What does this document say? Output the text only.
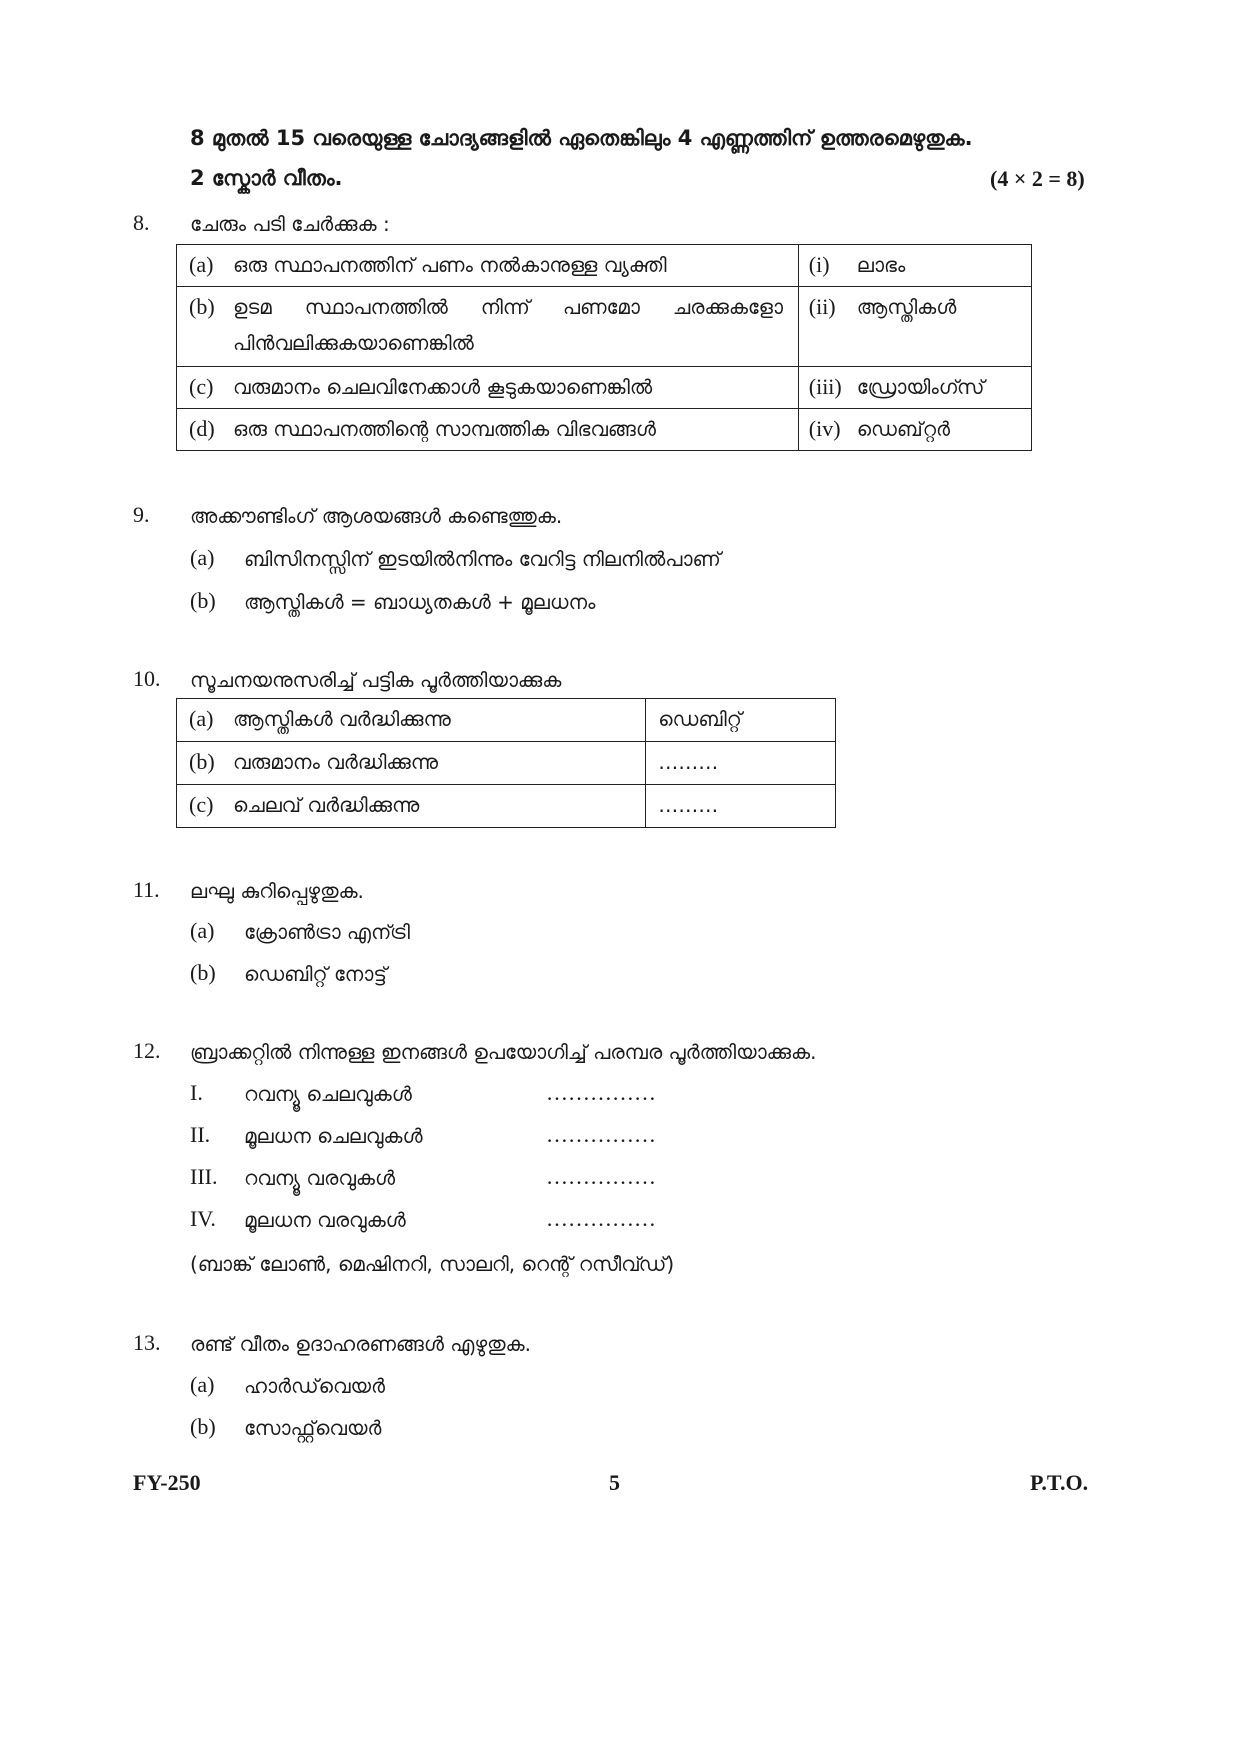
8 മുതൽ 15 വരെയുള്ള ചോദ്യങ്ങളിൽ ഏതെങ്കിലും 4 എണ്ണത്തിന് ഉത്തരമെഴുതുക.
2 സ്കോർ വീതം.	(4 × 2 = 8)
8. ചേരും പടി ചേർക്കുക :
(a) ഒരു സ്ഥാപനത്തിന് പണം നൽകാനുള്ള വ്യക്തി	(i) ലാഭം

(b) ഉടമ സ്ഥാപനത്തിൽ നിന്ന് പണമോ ചരക്കുകളോ പിൻവലിക്കുകയാണെങ്കിൽ	(ii) ആസ്തികൾ

(c) വരുമാനം ചെലവിനേക്കാൾ കൂടുകയാണെങ്കിൽ	(iii) ഡ്രോയിംഗ്സ്

(d) ഒരു സ്ഥാപനത്തിന്റെ സാമ്പത്തിക വിഭവങ്ങൾ	(iv) ഡെബ്റ്റർ
9. അക്കൗണ്ടിംഗ് ആശയങ്ങൾ കണ്ടെത്തുക.
(a) ബിസിനസ്സിന് ഇടയിൽനിന്നും വേറിട്ട നിലനിൽപാണ്
(b) ആസ്തികൾ = ബാധ്യതകൾ + മൂലധനം
10. സൂചനയനുസരിച്ച് പട്ടിക പൂർത്തിയാക്കുക
(a) ആസ്തികൾ വർദ്ധിക്കുന്നു	ഡെബിറ്റ്

(b) വരുമാനം വർദ്ധിക്കുന്നു	………

(c) ചെലവ് വർദ്ധിക്കുന്നു	………
11. ലഘു കുറിപ്പെഴുതുക.
(a) ക്രോൺട്രാ എന്ട്രി
(b) ഡെബിറ്റ് നോട്ട്
12. ബ്രാക്കറ്റിൽ നിന്നുള്ള ഇനങ്ങൾ ഉപയോഗിച്ച് പരമ്പര പൂർത്തിയാക്കുക.
I. റവന്യൂ ചെലവുകൾ	……………
II. മൂലധന ചെലവുകൾ	……………
III. റവന്യൂ വരവുകൾ	……………
IV. മൂലധന വരവുകൾ	……………
(ബാങ്ക് ലോൺ, മെഷിനറി, സാലറി, റെന്റ് റസീവ്ഡ്)
13. രണ്ട് വീതം ഉദാഹരണങ്ങൾ എഴുതുക.
(a) ഹാർഡ്‌വെയർ
(b) സോഫ്റ്റ്‌വെയർ
FY-250	5	P.T.O.
